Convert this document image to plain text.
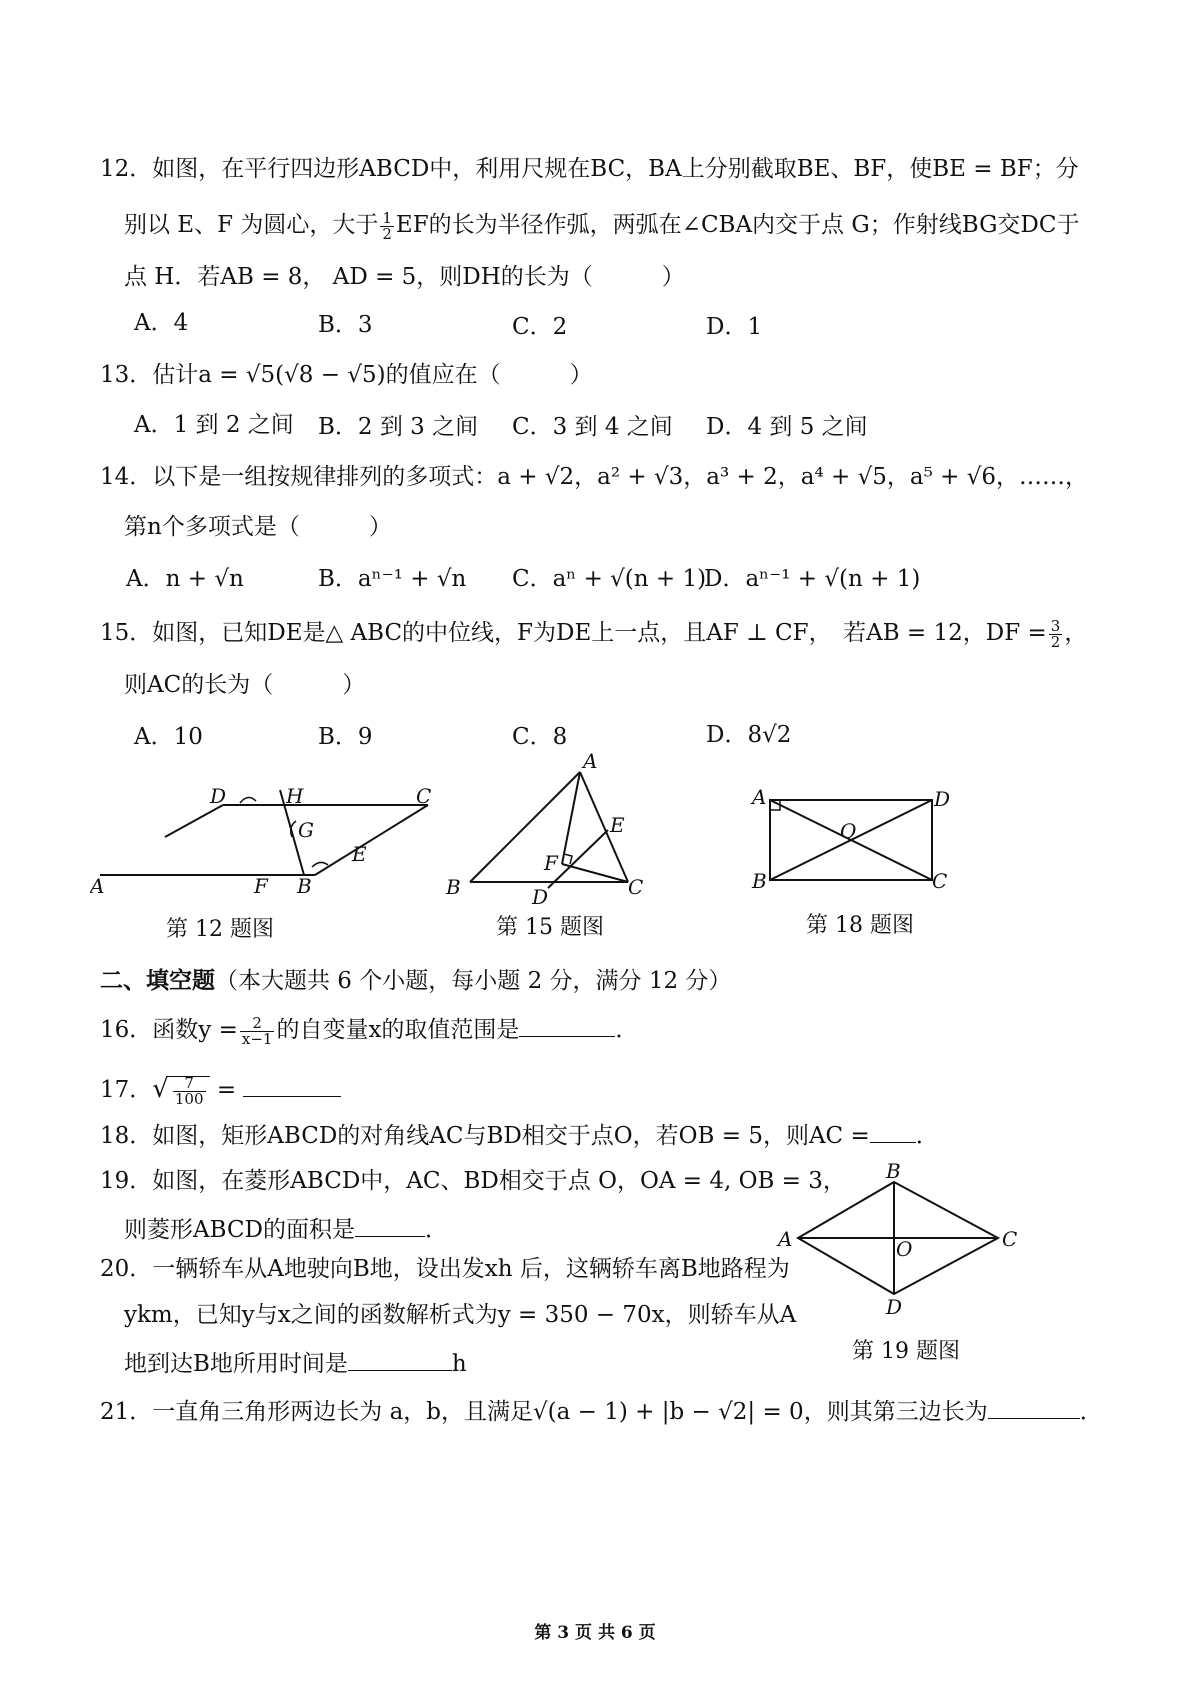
12．如图，在平行四边形ABCD中，利用尺规在BC，BA上分别截取BE、BF，使BE = BF；分
别以 E、F 为圆心，大于 $\frac{1}{2}$ EF的长为半径作弧，两弧在∠CBA内交于点 G；作射线BG交DC于
点 H．若AB = 8， AD = 5，则DH的长为（　　　）
A．4	B．3	C．2	D．1
13．估计a = √5(√8 − √5)的值应在（　　　）
A．1 到 2 之间 B．2 到 3 之间 C．3 到 4 之间 D．4 到 5 之间
14．以下是一组按规律排列的多项式：a + √2，a² + √3，a³ + 2，a⁴ + √5，a⁵ + √6，……，
第n个多项式是（　　　）
A．n + √n	B．aⁿ⁻¹ + √n C．aⁿ + √(n + 1)
D．aⁿ⁻¹ + √(n + 1)
15．如图，已知DE是△ ABC的中位线，F为DE上一点，且AF ⊥ CF，　若AB = 12，DF = $\frac{3}{2}$ ，
则AC的长为（　　　）
A．10	B．9	C．8	D．8√2
A	F B
E
G
D	H	C
第 12 题图
A
B	C
D
E
F
第 15 题图
A	D
B	C
O
第 18 题图
二、填空题（本大题共 6 个小题，每小题 2 分，满分 12 分）
16．函数$y = \frac{2}{x-1}$ 的自变量x的取值范围是	．
17．√ $\frac{7}{100}$ =
18．如图，矩形ABCD的对角线AC与BD相交于点O，若OB = 5，则AC = ．
19．如图，在菱形ABCD中，AC、BD相交于点 O，OA = 4, OB = 3，
则菱形ABCD的面积是	．
B
A	C
D
O
第 19 题图
20．一辆轿车从A地驶向B地，设出发xh 后，这辆轿车离B地路程为
ykm，已知y与x之间的函数解析式为y = 350 − 70x，则轿车从A
地到达B地所用时间是	h
21．一直角三角形两边长为 a，b，且满足√(a − 1) + |b − √2| = 0，则其第三边长为	．
第 3 页 共 6 页
